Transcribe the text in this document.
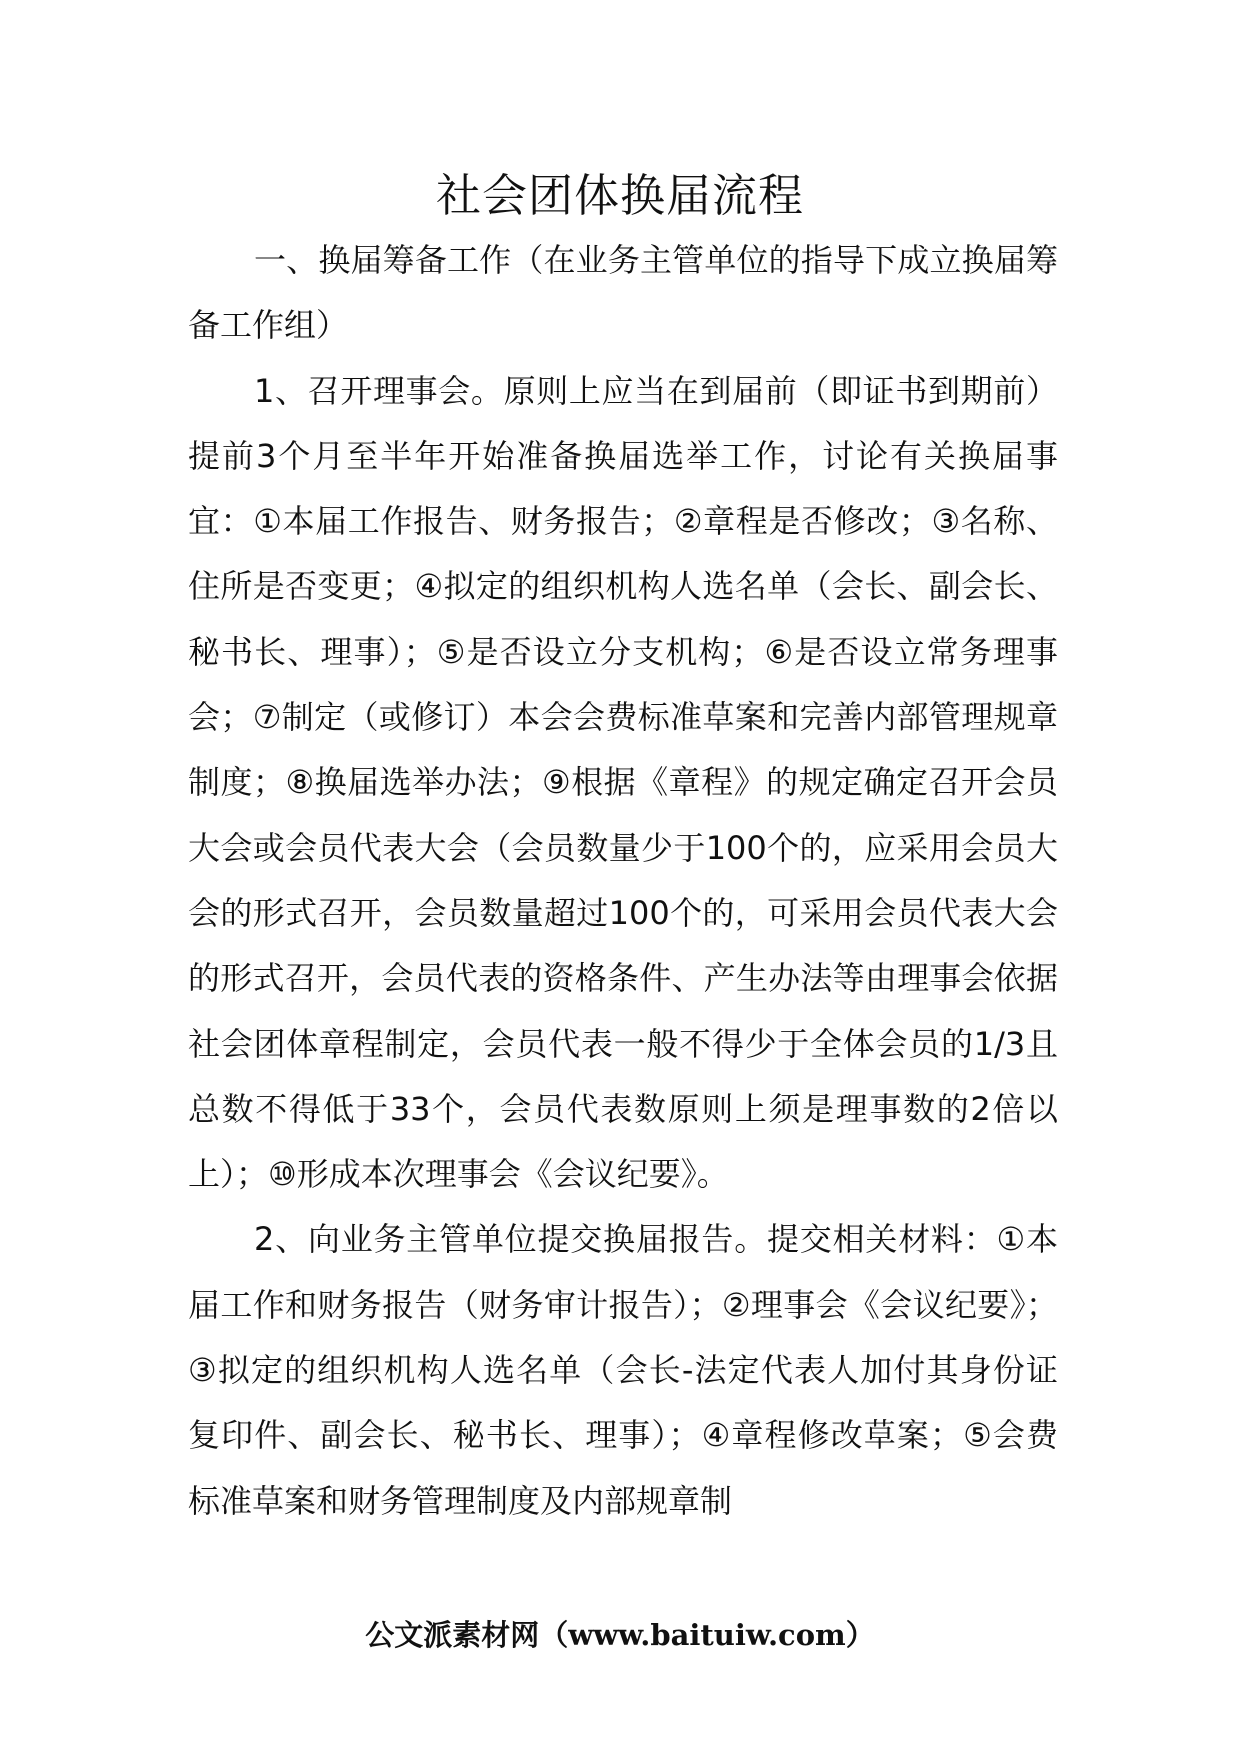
社会团体换届流程

一、换届筹备工作（在业务主管单位的指导下成立换届筹备工作组）

1、召开理事会。原则上应当在到届前（即证书到期前）提前3个月至半年开始准备换届选举工作，讨论有关换届事宜：①本届工作报告、财务报告；②章程是否修改；③名称、住所是否变更；④拟定的组织机构人选名单（会长、副会长、秘书长、理事）；⑤是否设立分支机构；⑥是否设立常务理事会；⑦制定（或修订）本会会费标准草案和完善内部管理规章制度；⑧换届选举办法；⑨根据《章程》的规定确定召开会员大会或会员代表大会（会员数量少于100个的，应采用会员大会的形式召开，会员数量超过100个的，可采用会员代表大会的形式召开，会员代表的资格条件、产生办法等由理事会依据社会团体章程制定，会员代表一般不得少于全体会员的1/3且总数不得低于33个，会员代表数原则上须是理事数的2倍以上）；⑩形成本次理事会《会议纪要》。

2、向业务主管单位提交换届报告。提交相关材料：①本届工作和财务报告（财务审计报告）；②理事会《会议纪要》；③拟定的组织机构人选名单（会长-法定代表人加付其身份证复印件、副会长、秘书长、理事）；④章程修改草案；⑤会费标准草案和财务管理制度及内部规章制

公文派素材网（www.baituiw.com）
